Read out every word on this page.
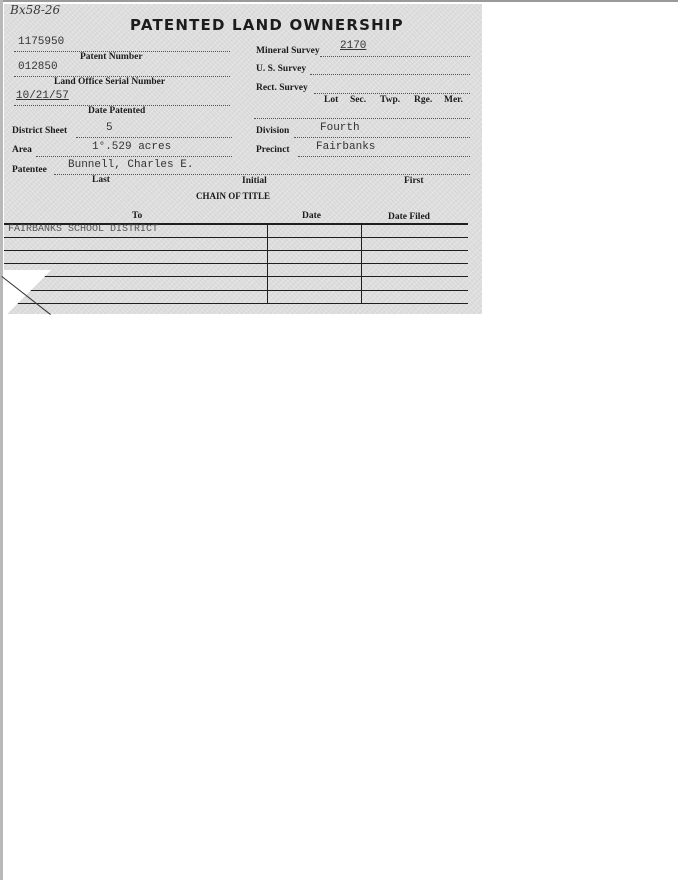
Bx58-26
PATENTED LAND OWNERSHIP
1175950
Patent Number
012850
Land Office Serial Number
10/21/57
Date Patented
Mineral Survey 2170
U. S. Survey
Rect. Survey
Lot Sec. Twp. Rge. Mer.
District Sheet	5	Division	Fourth
Area	1°.529 acres	Precinct Fairbanks
Patentee Bunnell, Charles E.
Last	Initial	First
CHAIN OF TITLE
To	Date	Date Filed
FAIRBANKS SCHOOL DISTRICT
